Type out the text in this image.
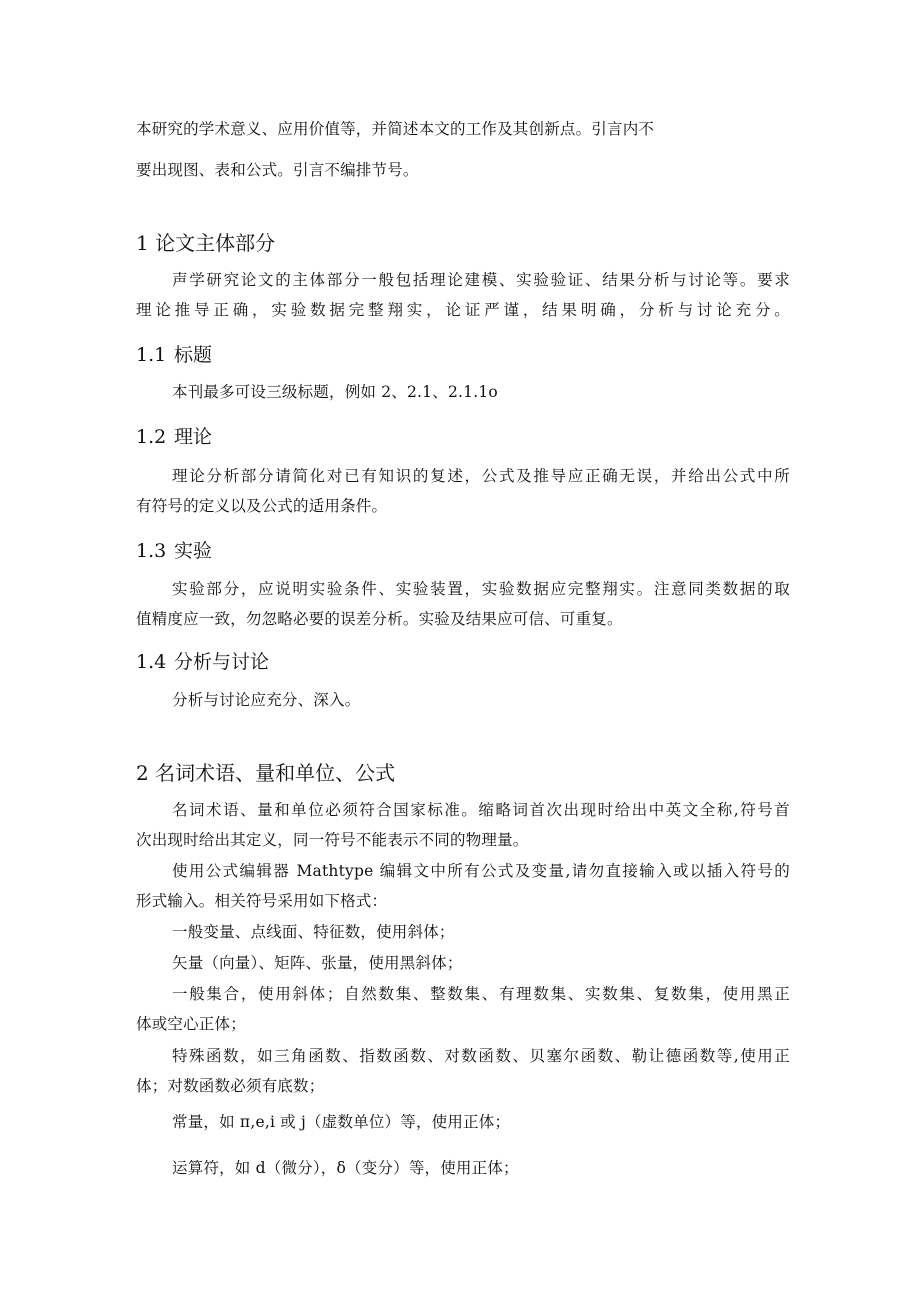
本研究的学术意义、应用价值等，并简述本文的工作及其创新点。引言内不
要出现图、表和公式。引言不编排节号。
1 论文主体部分
声学研究论文的主体部分一般包括理论建模、实验验证、结果分析与讨论等。要求
理论推导正确，实验数据完整翔实，论证严谨，结果明确，分析与讨论充分。
1.1 标题
本刊最多可设三级标题，例如 2、2.1、2.1.1o
1.2 理论
理论分析部分请简化对已有知识的复述，公式及推导应正确无误，并给出公式中所
有符号的定义以及公式的适用条件。
1.3 实验
实验部分，应说明实验条件、实验装置，实验数据应完整翔实。注意同类数据的取
值精度应一致，勿忽略必要的误差分析。实验及结果应可信、可重复。
1.4 分析与讨论
分析与讨论应充分、深入。
2 名词术语、量和单位、公式
名词术语、量和单位必须符合国家标准。缩略词首次出现时给出中英文全称,符号首
次出现时给出其定义，同一符号不能表示不同的物理量。
使用公式编辑器 Mathtype 编辑文中所有公式及变量,请勿直接输入或以插入符号的
形式输入。相关符号采用如下格式：
一般变量、点线面、特征数，使用斜体；
矢量（向量）、矩阵、张量，使用黑斜体；
一般集合，使用斜体；自然数集、整数集、有理数集、实数集、复数集，使用黑正
体或空心正体；
特殊函数，如三角函数、指数函数、对数函数、贝塞尔函数、勒让德函数等,使用正
体；对数函数必须有底数；
常量，如 π,e,i 或 j（虚数单位）等，使用正体；
运算符，如 d（微分），δ（变分）等，使用正体；
